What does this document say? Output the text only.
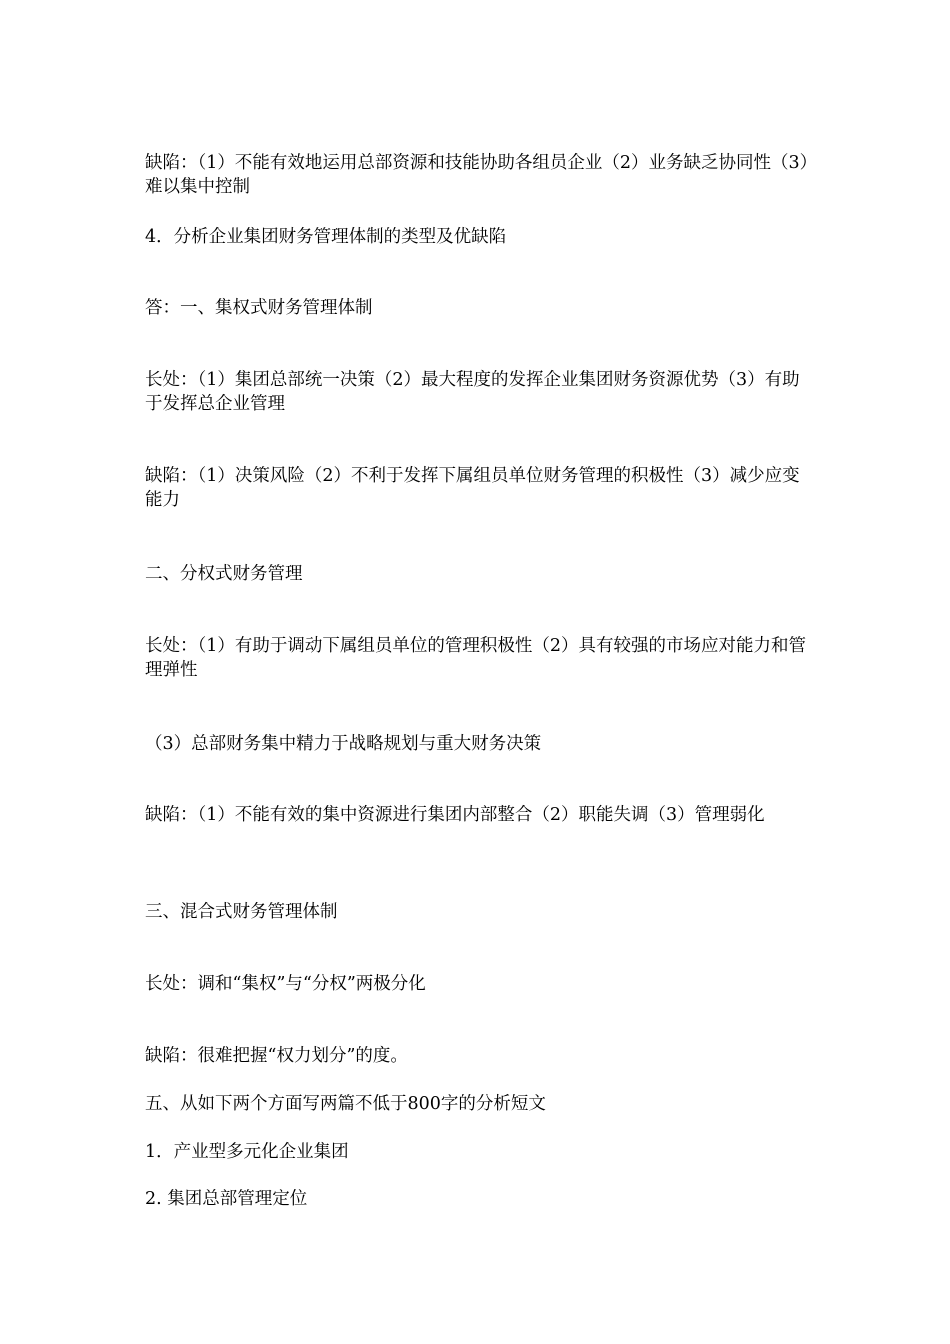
缺陷：（1）不能有效地运用总部资源和技能协助各组员企业（2）业务缺乏协同性（3）难以集中控制

4．分析企业集团财务管理体制的类型及优缺陷

答：一、集权式财务管理体制

长处：（1）集团总部统一决策（2）最大程度的发挥企业集团财务资源优势（3）有助于发挥总企业管理

缺陷：（1）决策风险（2）不利于发挥下属组员单位财务管理的积极性（3）减少应变能力

二、分权式财务管理

长处：（1）有助于调动下属组员单位的管理积极性（2）具有较强的市场应对能力和管理弹性

（3）总部财务集中精力于战略规划与重大财务决策

缺陷：（1）不能有效的集中资源进行集团内部整合（2）职能失调（3）管理弱化

三、混合式财务管理体制

长处：调和“集权”与“分权”两极分化

缺陷：很难把握“权力划分”的度。

五、从如下两个方面写两篇不低于800字的分析短文

1．产业型多元化企业集团

2. 集团总部管理定位
